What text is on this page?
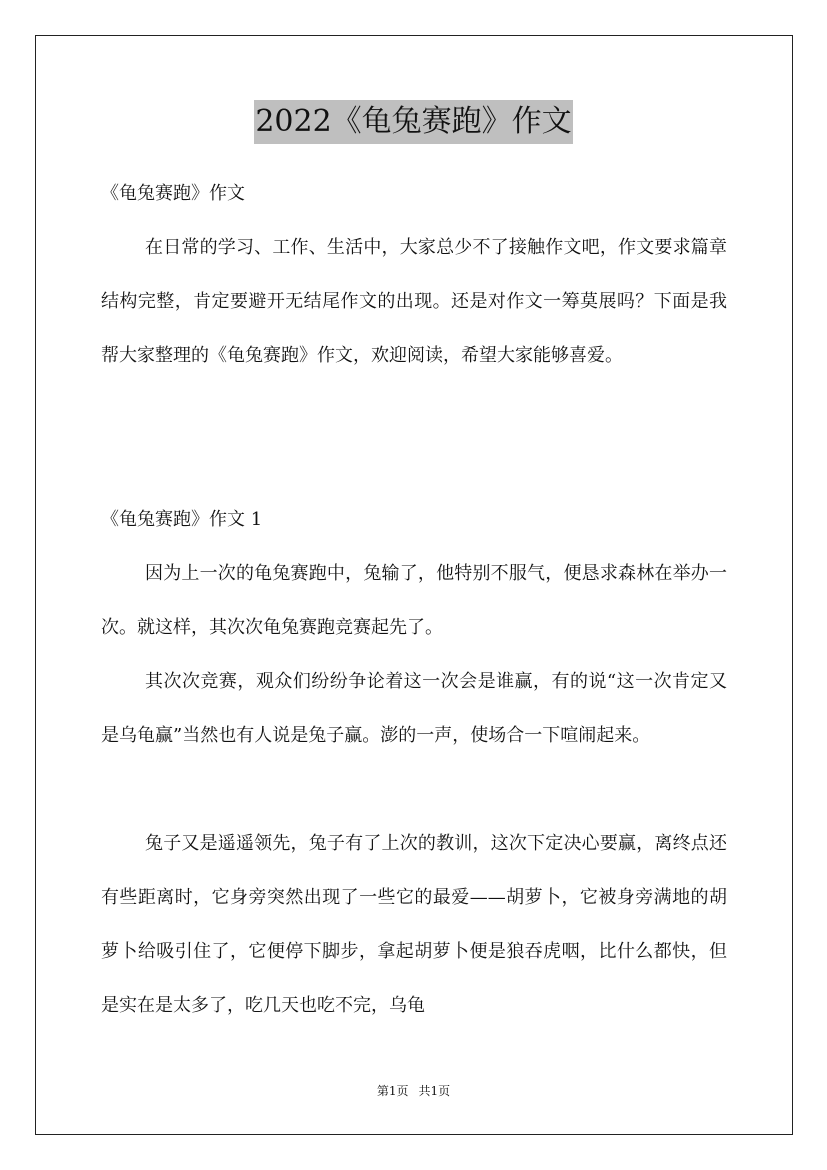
2022《龟兔赛跑》作文

《龟兔赛跑》作文

在日常的学习、工作、生活中，大家总少不了接触作文吧，作文要求篇章结构完整，肯定要避开无结尾作文的出现。还是对作文一筹莫展吗？下面是我帮大家整理的《龟兔赛跑》作文，欢迎阅读，希望大家能够喜爱。

《龟兔赛跑》作文 1

因为上一次的龟兔赛跑中，兔输了，他特别不服气，便恳求森林在举办一次。就这样，其次次龟兔赛跑竞赛起先了。

其次次竞赛，观众们纷纷争论着这一次会是谁赢，有的说“这一次肯定又是乌龟赢”当然也有人说是兔子赢。澎的一声，使场合一下喧闹起来。

兔子又是遥遥领先，兔子有了上次的教训，这次下定决心要赢，离终点还有些距离时，它身旁突然出现了一些它的最爱——胡萝卜，它被身旁满地的胡萝卜给吸引住了，它便停下脚步，拿起胡萝卜便是狼吞虎咽，比什么都快，但是实在是太多了，吃几天也吃不完，乌龟

第1页 共1页
